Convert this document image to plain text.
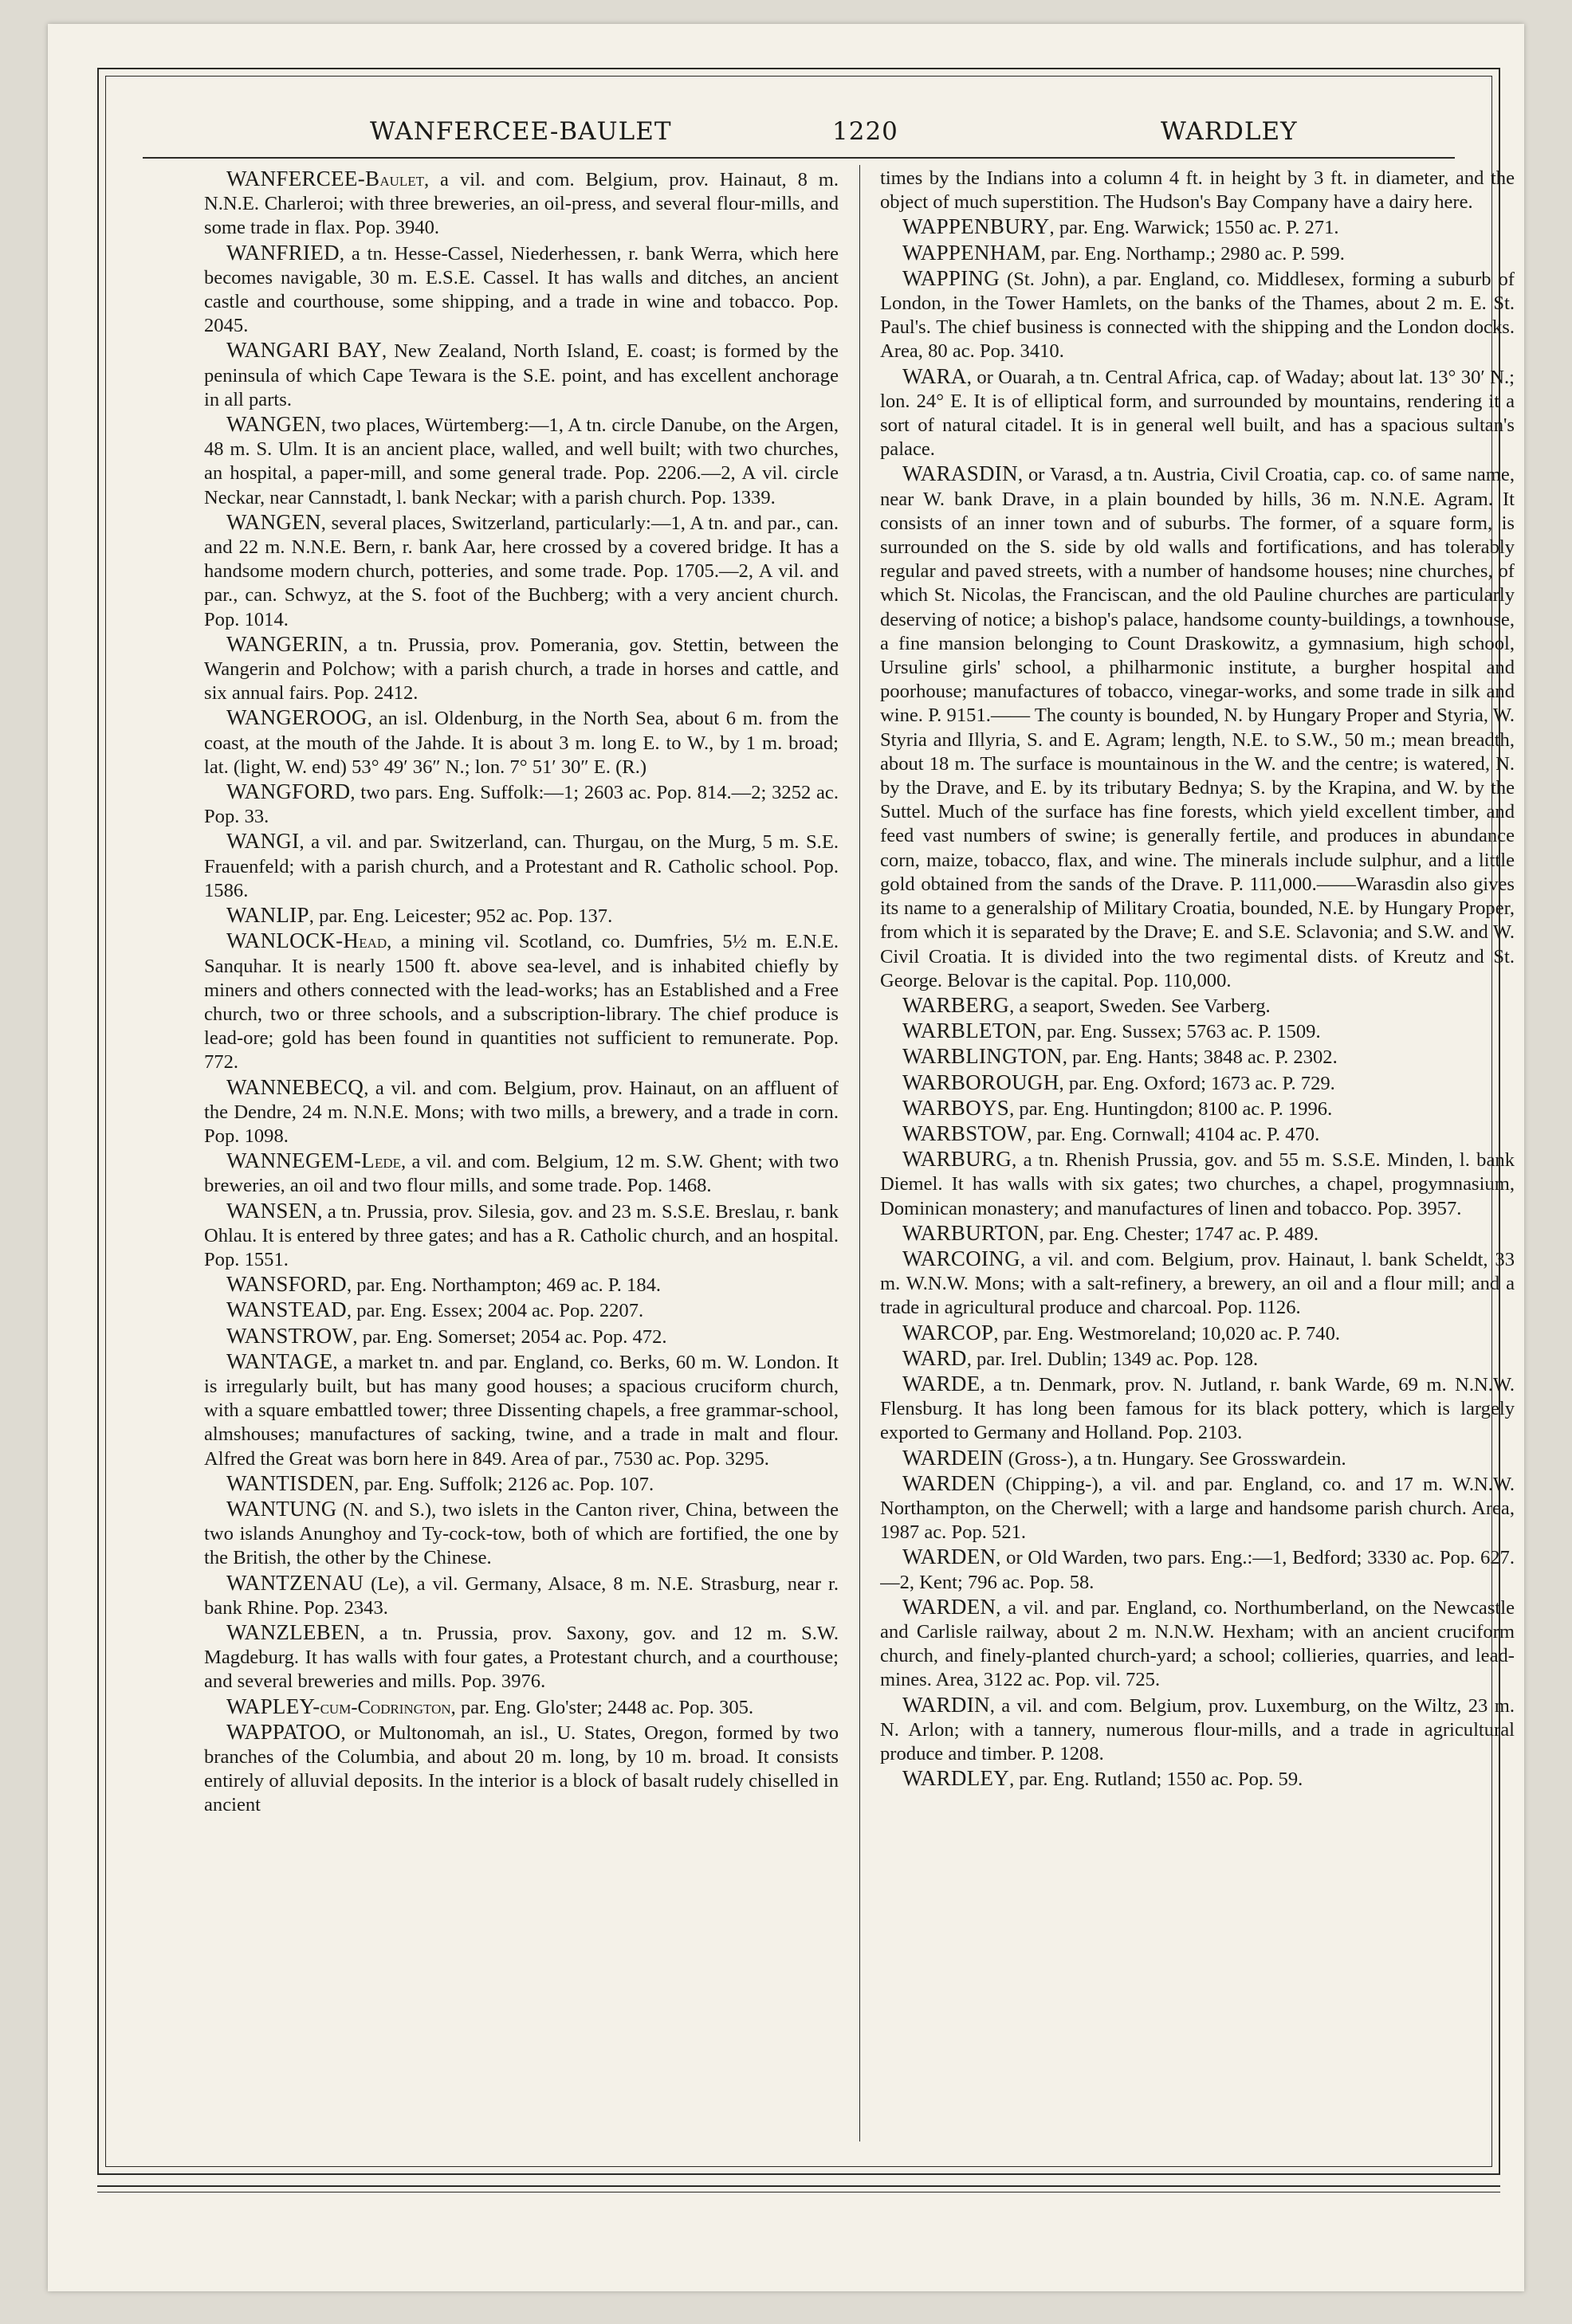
WANFERCEE-BAULET	1220	WARDLEY

WANFERCEE-Baulet, a vil. and com. Belgium, prov. Hainaut, 8 m. N.N.E. Charleroi; with three breweries, an oil-press, and several flour-mills, and some trade in flax. Pop. 3940.

WANFRIED, a tn. Hesse-Cassel, Niederhessen, r. bank Werra, which here becomes navigable, 30 m. E.S.E. Cassel. It has walls and ditches, an ancient castle and courthouse, some shipping, and a trade in wine and tobacco. Pop. 2045.

WANGARI BAY, New Zealand, North Island, E. coast; is formed by the peninsula of which Cape Tewara is the S.E. point, and has excellent anchorage in all parts.

WANGEN, two places, Würtemberg:—1, A tn. circle Danube, on the Argen, 48 m. S. Ulm. It is an ancient place, walled, and well built; with two churches, an hospital, a paper-mill, and some general trade. Pop. 2206.—2, A vil. circle Neckar, near Cannstadt, l. bank Neckar; with a parish church. Pop. 1339.

WANGEN, several places, Switzerland, particularly:—1, A tn. and par., can. and 22 m. N.N.E. Bern, r. bank Aar, here crossed by a covered bridge. It has a handsome modern church, potteries, and some trade. Pop. 1705.—2, A vil. and par., can. Schwyz, at the S. foot of the Buchberg; with a very ancient church. Pop. 1014.

WANGERIN, a tn. Prussia, prov. Pomerania, gov. Stettin, between the Wangerin and Polchow; with a parish church, a trade in horses and cattle, and six annual fairs. Pop. 2412.

WANGEROOG, an isl. Oldenburg, in the North Sea, about 6 m. from the coast, at the mouth of the Jahde. It is about 3 m. long E. to W., by 1 m. broad; lat. (light, W. end) 53° 49′ 36″ N.; lon. 7° 51′ 30″ E. (R.)

WANGFORD, two pars. Eng. Suffolk:—1; 2603 ac. Pop. 814.—2; 3252 ac. Pop. 33.

WANGI, a vil. and par. Switzerland, can. Thurgau, on the Murg, 5 m. S.E. Frauenfeld; with a parish church, and a Protestant and R. Catholic school. Pop. 1586.

WANLIP, par. Eng. Leicester; 952 ac. Pop. 137.

WANLOCK-Head, a mining vil. Scotland, co. Dumfries, 5½ m. E.N.E. Sanquhar. It is nearly 1500 ft. above sea-level, and is inhabited chiefly by miners and others connected with the lead-works; has an Established and a Free church, two or three schools, and a subscription-library. The chief produce is lead-ore; gold has been found in quantities not sufficient to remunerate. Pop. 772.

WANNEBECQ, a vil. and com. Belgium, prov. Hainaut, on an affluent of the Dendre, 24 m. N.N.E. Mons; with two mills, a brewery, and a trade in corn. Pop. 1098.

WANNEGEM-Lede, a vil. and com. Belgium, 12 m. S.W. Ghent; with two breweries, an oil and two flour mills, and some trade. Pop. 1468.

WANSEN, a tn. Prussia, prov. Silesia, gov. and 23 m. S.S.E. Breslau, r. bank Ohlau. It is entered by three gates; and has a R. Catholic church, and an hospital. Pop. 1551.

WANSFORD, par. Eng. Northampton; 469 ac. P. 184.

WANSTEAD, par. Eng. Essex; 2004 ac. Pop. 2207.

WANSTROW, par. Eng. Somerset; 2054 ac. Pop. 472.

WANTAGE, a market tn. and par. England, co. Berks, 60 m. W. London. It is irregularly built, but has many good houses; a spacious cruciform church, with a square embattled tower; three Dissenting chapels, a free grammar-school, almshouses; manufactures of sacking, twine, and a trade in malt and flour. Alfred the Great was born here in 849. Area of par., 7530 ac. Pop. 3295.

WANTISDEN, par. Eng. Suffolk; 2126 ac. Pop. 107.

WANTUNG (N. and S.), two islets in the Canton river, China, between the two islands Anunghoy and Ty-cock-tow, both of which are fortified, the one by the British, the other by the Chinese.

WANTZENAU (Le), a vil. Germany, Alsace, 8 m. N.E. Strasburg, near r. bank Rhine. Pop. 2343.

WANZLEBEN, a tn. Prussia, prov. Saxony, gov. and 12 m. S.W. Magdeburg. It has walls with four gates, a Protestant church, and a courthouse; and several breweries and mills. Pop. 3976.

WAPLEY-cum-Codrington, par. Eng. Glo'ster; 2448 ac. Pop. 305.

WAPPATOO, or Multonomah, an isl., U. States, Oregon, formed by two branches of the Columbia, and about 20 m. long, by 10 m. broad. It consists entirely of alluvial deposits. In the interior is a block of basalt rudely chiselled in ancient

times by the Indians into a column 4 ft. in height by 3 ft. in diameter, and the object of much superstition. The Hudson's Bay Company have a dairy here.

WAPPENBURY, par. Eng. Warwick; 1550 ac. P. 271.

WAPPENHAM, par. Eng. Northamp.; 2980 ac. P. 599.

WAPPING (St. John), a par. England, co. Middlesex, forming a suburb of London, in the Tower Hamlets, on the banks of the Thames, about 2 m. E. St. Paul's. The chief business is connected with the shipping and the London docks. Area, 80 ac. Pop. 3410.

WARA, or Ouarah, a tn. Central Africa, cap. of Waday; about lat. 13° 30′ N.; lon. 24° E. It is of elliptical form, and surrounded by mountains, rendering it a sort of natural citadel. It is in general well built, and has a spacious sultan's palace.

WARASDIN, or Varasd, a tn. Austria, Civil Croatia, cap. co. of same name, near W. bank Drave, in a plain bounded by hills, 36 m. N.N.E. Agram. It consists of an inner town and of suburbs. The former, of a square form, is surrounded on the S. side by old walls and fortifications, and has tolerably regular and paved streets, with a number of handsome houses; nine churches, of which St. Nicolas, the Franciscan, and the old Pauline churches are particularly deserving of notice; a bishop's palace, handsome county-buildings, a townhouse, a fine mansion belonging to Count Draskowitz, a gymnasium, high school, Ursuline girls' school, a philharmonic institute, a burgher hospital and poorhouse; manufactures of tobacco, vinegar-works, and some trade in silk and wine. P. 9151.—— The county is bounded, N. by Hungary Proper and Styria, W. Styria and Illyria, S. and E. Agram; length, N.E. to S.W., 50 m.; mean breadth, about 18 m. The surface is mountainous in the W. and the centre; is watered, N. by the Drave, and E. by its tributary Bednya; S. by the Krapina, and W. by the Suttel. Much of the surface has fine forests, which yield excellent timber, and feed vast numbers of swine; is generally fertile, and produces in abundance corn, maize, tobacco, flax, and wine. The minerals include sulphur, and a little gold obtained from the sands of the Drave. P. 111,000.——Warasdin also gives its name to a generalship of Military Croatia, bounded, N.E. by Hungary Proper, from which it is separated by the Drave; E. and S.E. Sclavonia; and S.W. and W. Civil Croatia. It is divided into the two regimental dists. of Kreutz and St. George. Belovar is the capital. Pop. 110,000.

WARBERG, a seaport, Sweden. See Varberg.

WARBLETON, par. Eng. Sussex; 5763 ac. P. 1509.

WARBLINGTON, par. Eng. Hants; 3848 ac. P. 2302.

WARBOROUGH, par. Eng. Oxford; 1673 ac. P. 729.

WARBOYS, par. Eng. Huntingdon; 8100 ac. P. 1996.

WARBSTOW, par. Eng. Cornwall; 4104 ac. P. 470.

WARBURG, a tn. Rhenish Prussia, gov. and 55 m. S.S.E. Minden, l. bank Diemel. It has walls with six gates; two churches, a chapel, progymnasium, Dominican monastery; and manufactures of linen and tobacco. Pop. 3957.

WARBURTON, par. Eng. Chester; 1747 ac. P. 489.

WARCOING, a vil. and com. Belgium, prov. Hainaut, l. bank Scheldt, 33 m. W.N.W. Mons; with a salt-refinery, a brewery, an oil and a flour mill; and a trade in agricultural produce and charcoal. Pop. 1126.

WARCOP, par. Eng. Westmoreland; 10,020 ac. P. 740.

WARD, par. Irel. Dublin; 1349 ac. Pop. 128.

WARDE, a tn. Denmark, prov. N. Jutland, r. bank Warde, 69 m. N.N.W. Flensburg. It has long been famous for its black pottery, which is largely exported to Germany and Holland. Pop. 2103.

WARDEIN (Gross-), a tn. Hungary. See Grosswardein.

WARDEN (Chipping-), a vil. and par. England, co. and 17 m. W.N.W. Northampton, on the Cherwell; with a large and handsome parish church. Area, 1987 ac. Pop. 521.

WARDEN, or Old Warden, two pars. Eng.:—1, Bedford; 3330 ac. Pop. 627.—2, Kent; 796 ac. Pop. 58.

WARDEN, a vil. and par. England, co. Northumberland, on the Newcastle and Carlisle railway, about 2 m. N.N.W. Hexham; with an ancient cruciform church, and finely-planted church-yard; a school; collieries, quarries, and lead-mines. Area, 3122 ac. Pop. vil. 725.

WARDIN, a vil. and com. Belgium, prov. Luxemburg, on the Wiltz, 23 m. N. Arlon; with a tannery, numerous flour-mills, and a trade in agricultural produce and timber. P. 1208.

WARDLEY, par. Eng. Rutland; 1550 ac. Pop. 59.
